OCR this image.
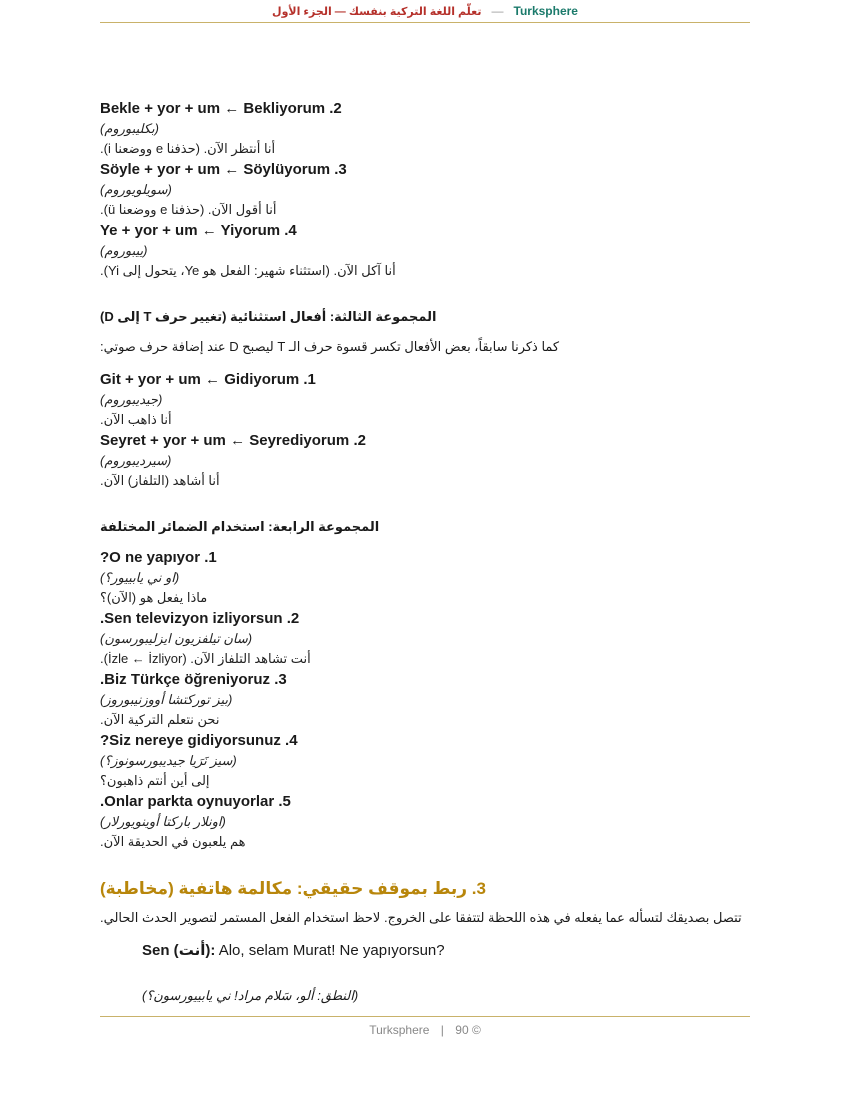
تعلّم اللغة التركية بنفسك — الجزء الأول — Turksphere
Bekle + yor + um ← Bekliyorum .2
(بكليبوروم)
أنا أنتظر الآن. (حذفنا e ووضعنا i).
Söyle + yor + um ← Söylüyorum .3
(سويلويوروم)
أنا أقول الآن. (حذفنا e ووضعنا ü).
Ye + yor + um ← Yiyorum .4
(ييبوروم)
أنا آكل الآن. (استثناء شهير: الفعل هو Ye، يتحول إلى Yi).
المجموعة الثالثة: أفعال استثنائية (تغيير حرف T إلى D)
كما ذكرنا سابقاً، بعض الأفعال تكسر قسوة حرف الـ T ليصبح D عند إضافة حرف صوتي:
Git + yor + um ← Gidiyorum .1
(جيديبوروم)
أنا ذاهب الآن.
Seyret + yor + um ← Seyrediyorum .2
(سيرديبوروم)
أنا أشاهد (التلفاز) الآن.
المجموعة الرابعة: استخدام الضمائر المختلفة
?O ne yapıyor .1
(او ني يابييور؟)
ماذا يفعل هو (الآن)؟
.Sen televizyon izliyorsun .2
(سان تيلفزيون ايزليبورسون)
أنت تشاهد التلفاز الآن. (İzle ← İzliyor).
.Biz Türkçe öğreniyoruz .3
(بيز توركتشا أووزنيبوروز)
نحن نتعلم التركية الآن.
?Siz nereye gidiyorsunuz .4
(سيز نَرَيا جيديبورسونوز؟)
إلى أين أنتم ذاهبون؟
.Onlar parkta oynuyorlar .5
(اونلار باركتا أوينويورلار)
هم يلعبون في الحديقة الآن.
3. ربط بموقف حقيقي: مكالمة هاتفية (مخاطبة)
تتصل بصديقك لتسأله عما يفعله في هذه اللحظة لتتفقا على الخروج. لاحظ استخدام الفعل المستمر لتصوير الحدث الحالي.
Sen (أنت): Alo, selam Murat! Ne yapıyorsun?
(النطق: ألو، سَلام مراد! ني يابييورسون؟)
Turksphere | 90 ©
